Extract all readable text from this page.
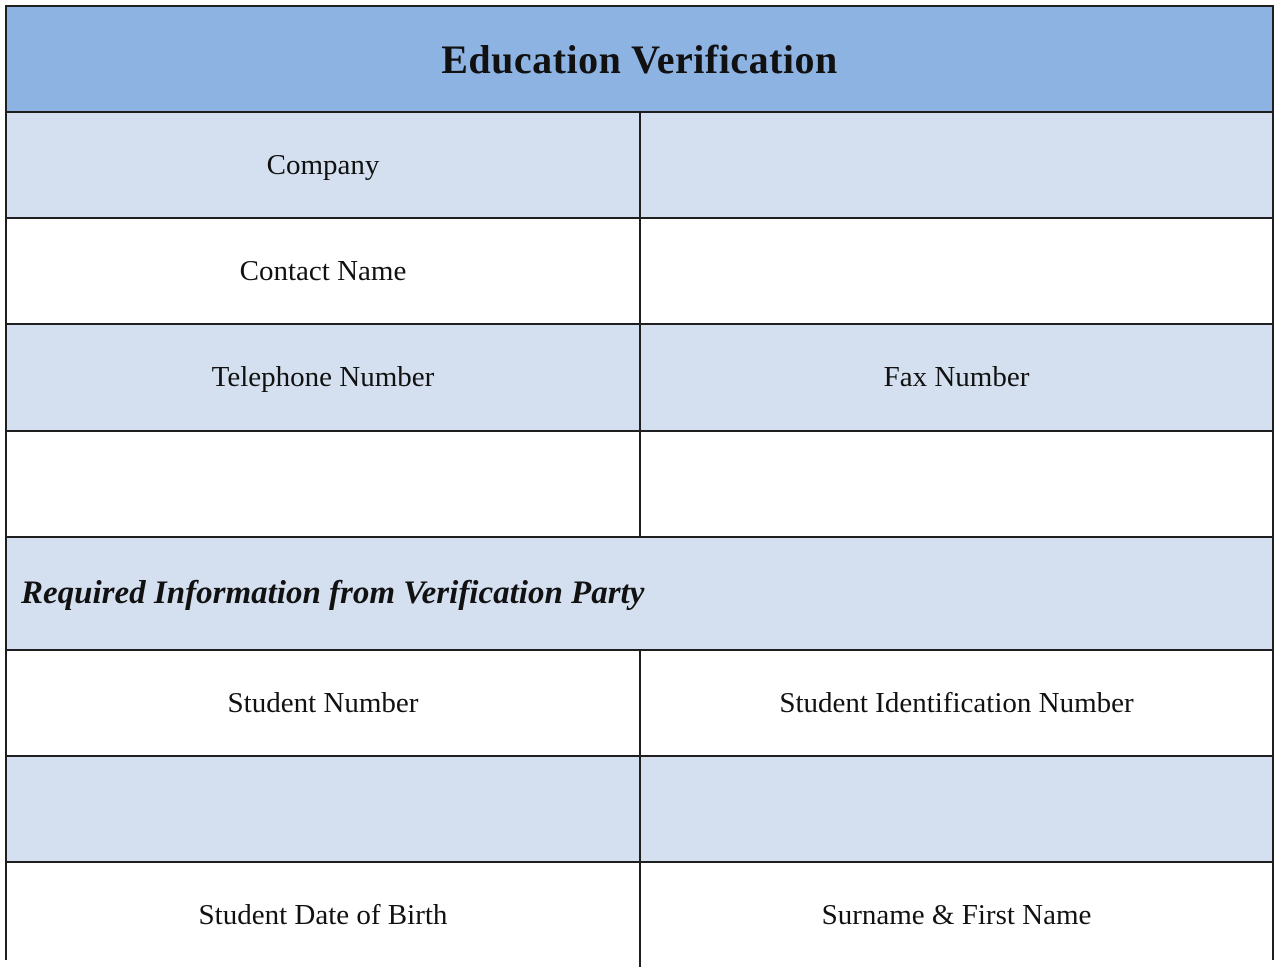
Education Verification
Company
Contact Name
Telephone Number	Fax Number
Required Information from Verification Party
Student Number	Student Identification Number
Student Date of Birth	Surname & First Name
